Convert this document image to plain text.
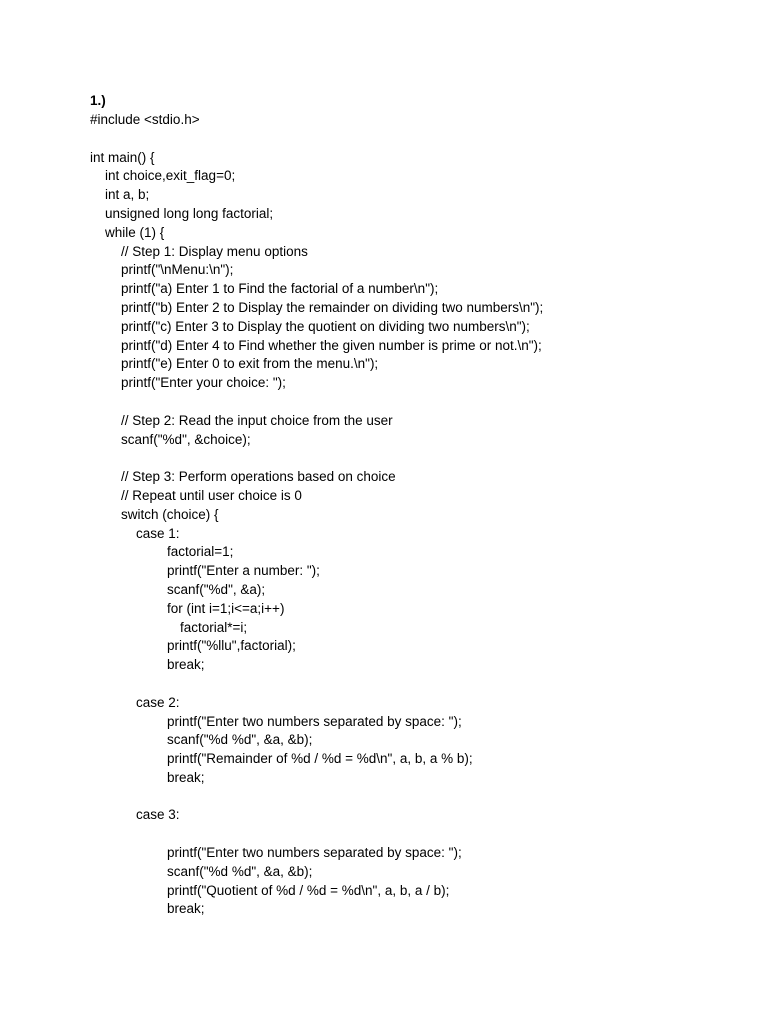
1.)
#include <stdio.h>
int main() {
int choice,exit_flag=0;
int a, b;
unsigned long long factorial;
while (1) {
// Step 1: Display menu options
printf("\nMenu:\n");
printf("a) Enter 1 to Find the factorial of a number\n");
printf("b) Enter 2 to Display the remainder on dividing two numbers\n");
printf("c) Enter 3 to Display the quotient on dividing two numbers\n");
printf("d) Enter 4 to Find whether the given number is prime or not.\n");
printf("e) Enter 0 to exit from the menu.\n");
printf("Enter your choice: ");
// Step 2: Read the input choice from the user
scanf("%d", &choice);
// Step 3: Perform operations based on choice
// Repeat until user choice is 0
switch (choice) {
case 1:
factorial=1;
printf("Enter a number: ");
scanf("%d", &a);
for (int i=1;i<=a;i++)
factorial*=i;
printf("%llu",factorial);
break;
case 2:
printf("Enter two numbers separated by space: ");
scanf("%d %d", &a, &b);
printf("Remainder of %d / %d = %d\n", a, b, a % b);
break;
case 3:
printf("Enter two numbers separated by space: ");
scanf("%d %d", &a, &b);
printf("Quotient of %d / %d = %d\n", a, b, a / b);
break;
